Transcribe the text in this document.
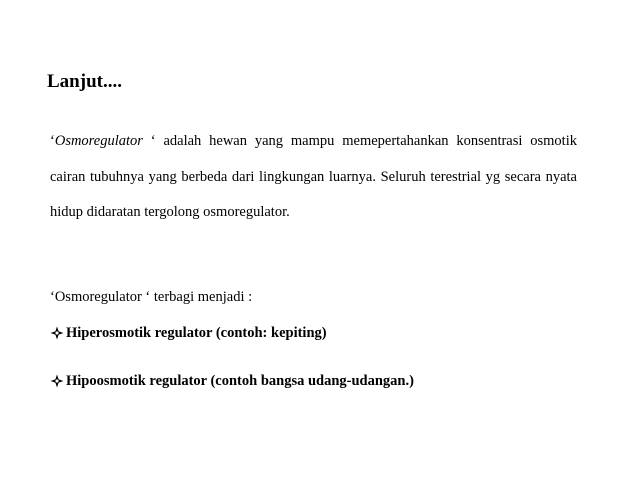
Lanjut....

‘Osmoregulator ‘ adalah hewan yang mampu memepertahankan konsentrasi osmotik cairan tubuhnya yang berbeda dari lingkungan luarnya. Seluruh terestrial yg secara nyata hidup didaratan tergolong osmoregulator.

‘Osmoregulator ‘ terbagi menjadi :
Hiperosmotik regulator (contoh: kepiting)
Hipoosmotik regulator (contoh bangsa udang-udangan.)
